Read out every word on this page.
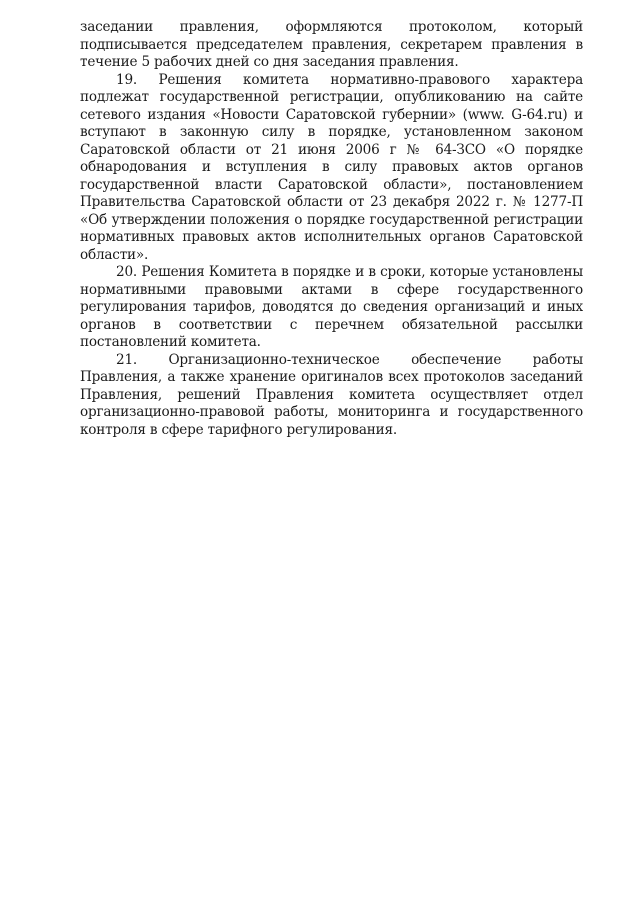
заседании правления, оформляются протоколом, который подписывается председателем правления, секретарем правления в течение 5 рабочих дней со дня заседания правления.

19. Решения комитета нормативно-правового характера подлежат государственной регистрации, опубликованию на сайте сетевого издания «Новости Саратовской губернии» (www. G-64.ru) и вступают в законную силу в порядке, установленном законом Саратовской области от 21 июня 2006 г № 64-ЗСО «О порядке обнародования и вступления в силу правовых актов органов государственной власти Саратовской области», постановлением Правительства Саратовской области от 23 декабря 2022 г. № 1277-П «Об утверждении положения о порядке государственной регистрации нормативных правовых актов исполнительных органов Саратовской области».

20. Решения Комитета в порядке и в сроки, которые установлены нормативными правовыми актами в сфере государственного регулирования тарифов, доводятся до сведения организаций и иных органов в соответствии с перечнем обязательной рассылки постановлений комитета.

21. Организационно-техническое обеспечение работы Правления, а также хранение оригиналов всех протоколов заседаний Правления, решений Правления комитета осуществляет отдел организационно-правовой работы, мониторинга и государственного контроля в сфере тарифного регулирования.
